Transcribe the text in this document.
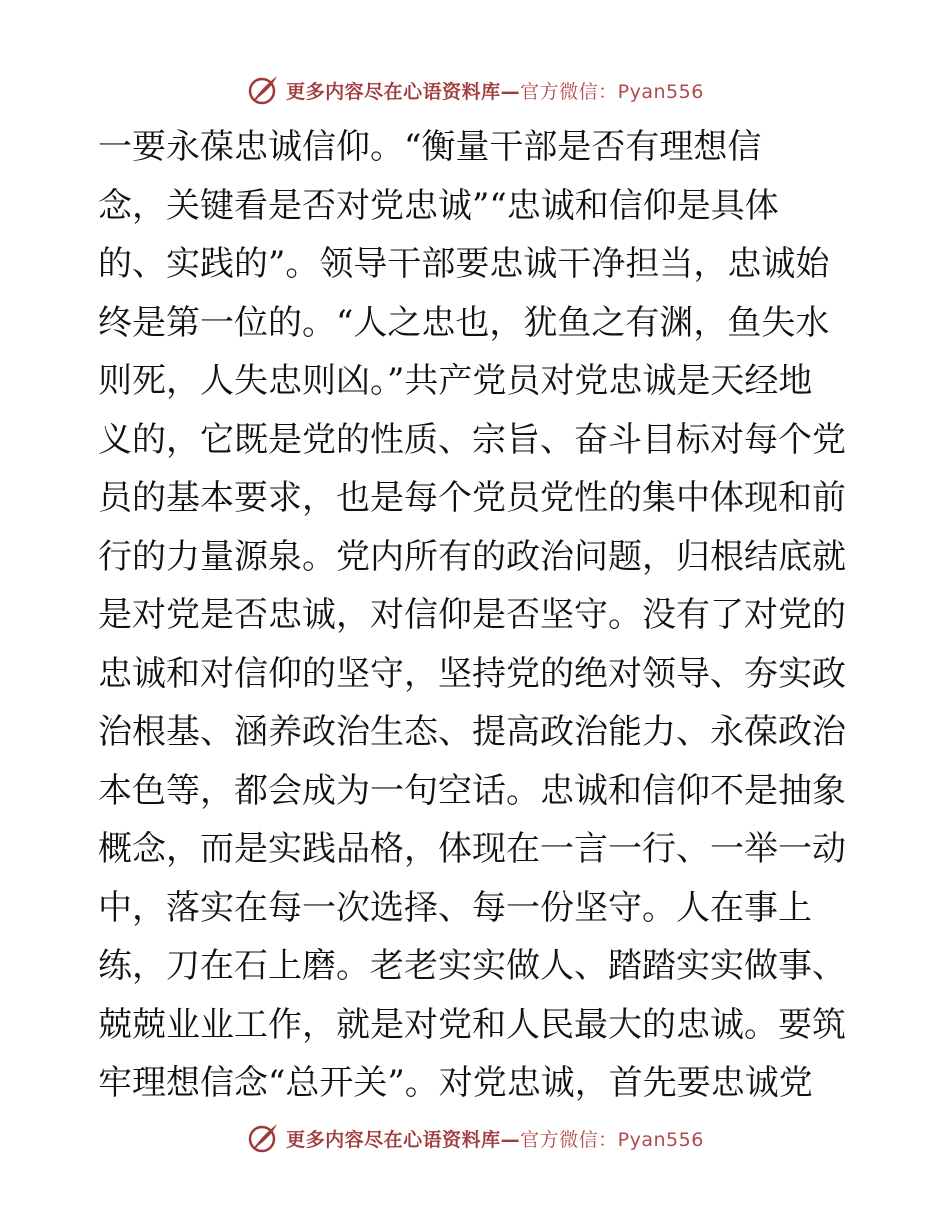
更多内容尽在心语资料库—官方微信：Pyan556
一要永葆忠诚信仰。“衡量干部是否有理想信
念，关键看是否对党忠诚”“忠诚和信仰是具体
的、实践的”。领导干部要忠诚干净担当，忠诚始
终是第一位的。“人之忠也，犹鱼之有渊，鱼失水
则死，人失忠则凶。”共产党员对党忠诚是天经地
义的，它既是党的性质、宗旨、奋斗目标对每个党
员的基本要求，也是每个党员党性的集中体现和前
行的力量源泉。党内所有的政治问题，归根结底就
是对党是否忠诚，对信仰是否坚守。没有了对党的
忠诚和对信仰的坚守，坚持党的绝对领导、夯实政
治根基、涵养政治生态、提高政治能力、永葆政治
本色等，都会成为一句空话。忠诚和信仰不是抽象
概念，而是实践品格，体现在一言一行、一举一动
中，落实在每一次选择、每一份坚守。人在事上
练，刀在石上磨。老老实实做人、踏踏实实做事、
兢兢业业工作，就是对党和人民最大的忠诚。要筑
牢理想信念“总开关”。对党忠诚，首先要忠诚党
更多内容尽在心语资料库—官方微信：Pyan556
